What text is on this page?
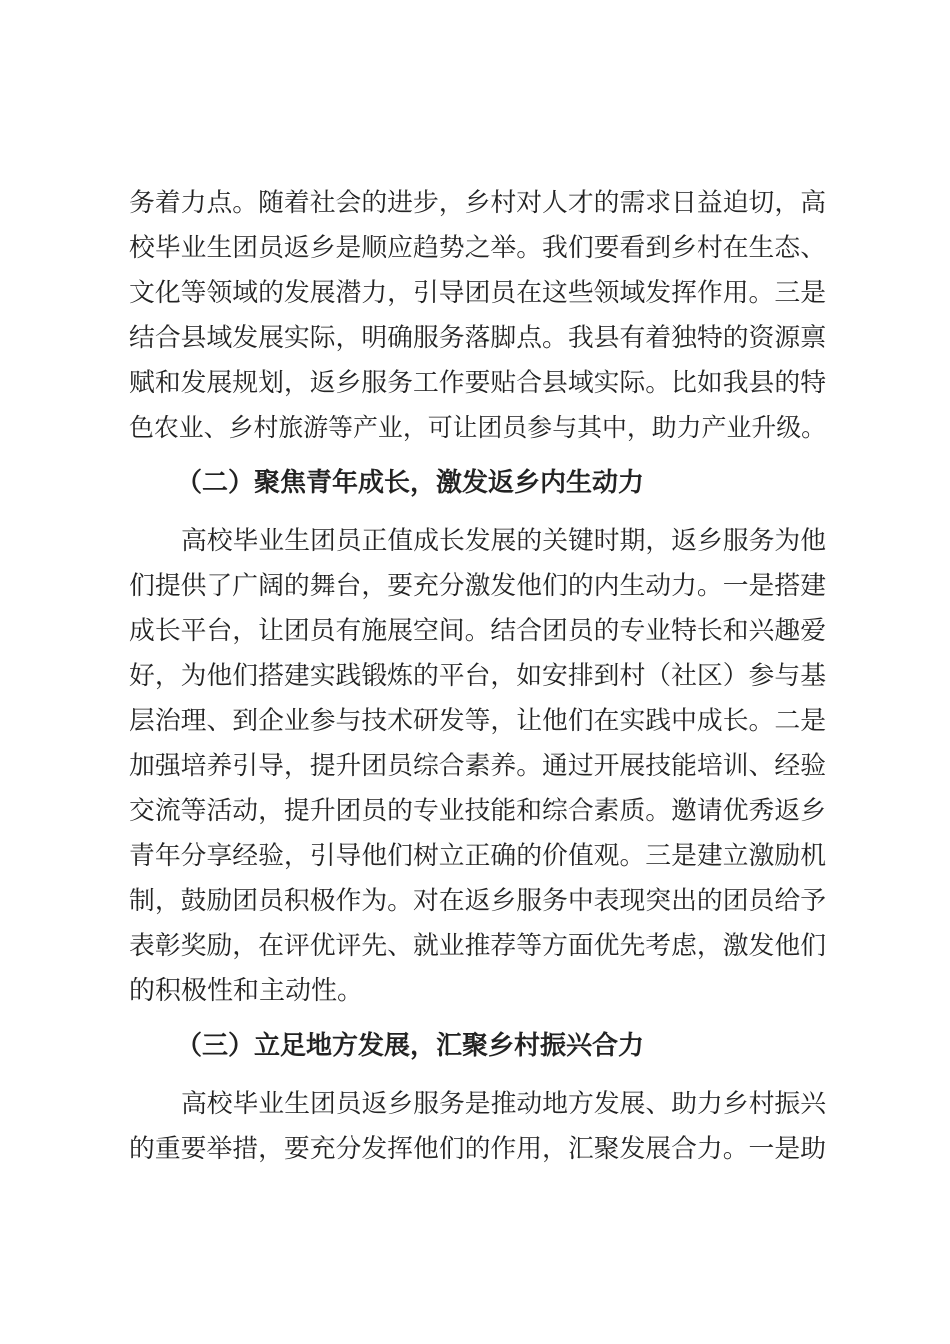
务着力点。随着社会的进步，乡村对人才的需求日益迫切，高
校毕业生团员返乡是顺应趋势之举。我们要看到乡村在生态、
文化等领域的发展潜力，引导团员在这些领域发挥作用。三是
结合县域发展实际，明确服务落脚点。我县有着独特的资源禀
赋和发展规划，返乡服务工作要贴合县域实际。比如我县的特
色农业、乡村旅游等产业，可让团员参与其中，助力产业升级。
（二）聚焦青年成长，激发返乡内生动力
高校毕业生团员正值成长发展的关键时期，返乡服务为他
们提供了广阔的舞台，要充分激发他们的内生动力。一是搭建
成长平台，让团员有施展空间。结合团员的专业特长和兴趣爱
好，为他们搭建实践锻炼的平台，如安排到村（社区）参与基
层治理、到企业参与技术研发等，让他们在实践中成长。二是
加强培养引导，提升团员综合素养。通过开展技能培训、经验
交流等活动，提升团员的专业技能和综合素质。邀请优秀返乡
青年分享经验，引导他们树立正确的价值观。三是建立激励机
制，鼓励团员积极作为。对在返乡服务中表现突出的团员给予
表彰奖励，在评优评先、就业推荐等方面优先考虑，激发他们
的积极性和主动性。
（三）立足地方发展，汇聚乡村振兴合力
高校毕业生团员返乡服务是推动地方发展、助力乡村振兴
的重要举措，要充分发挥他们的作用，汇聚发展合力。一是助
